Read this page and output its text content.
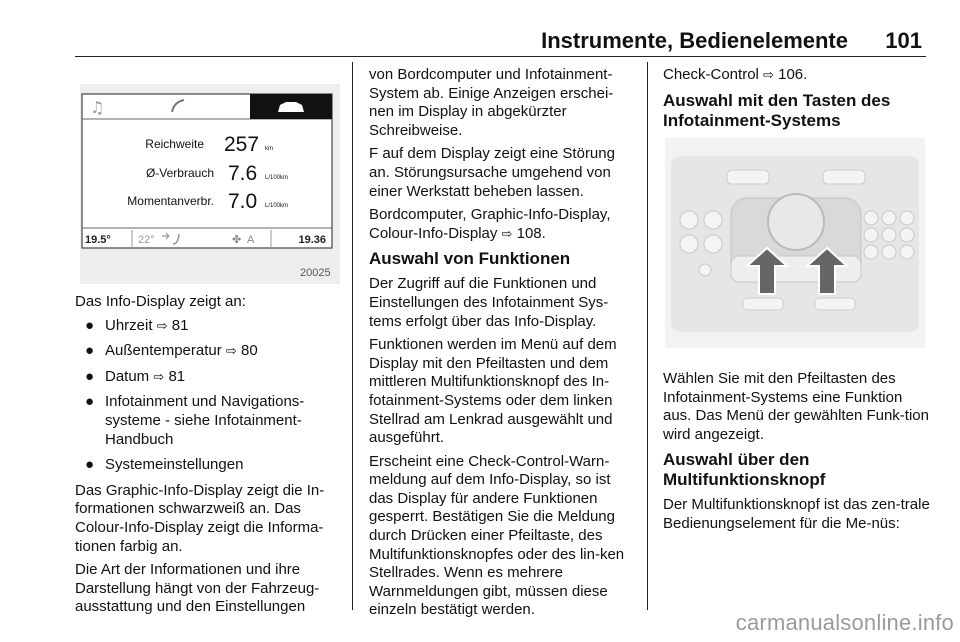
Instrumente, Bedienelemente 101
♫
Reichweite 257 km
Ø-Verbrauch 7.6 L/100km
Momentanverbr. 7.0 L/100km
19.5° 22°	✤ A	19.36
20025

Das Info-Display zeigt an:

● Uhrzeit ⇨ 81
● Außentemperatur ⇨ 80
● Datum ⇨ 81
● Infotainment und Navigations-systeme - siehe Infotainment-Handbuch
● Systemeinstellungen

Das Graphic-Info-Display zeigt die In-formationen schwarzweiß an. Das Colour-Info-Display zeigt die Informa-tionen farbig an.

Die Art der Informationen und ihre Darstellung hängt von der Fahrzeug-ausstattung und den Einstellungen

von Bordcomputer und Infotainment-System ab. Einige Anzeigen erschei-nen im Display in abgekürzter Schreibweise.

F auf dem Display zeigt eine Störung an. Störungsursache umgehend von einer Werkstatt beheben lassen.

Bordcomputer, Graphic-Info-Display, Colour-Info-Display ⇨ 108.

Auswahl von Funktionen

Der Zugriff auf die Funktionen und Einstellungen des Infotainment Sys-tems erfolgt über das Info-Display.

Funktionen werden im Menü auf dem Display mit den Pfeiltasten und dem mittleren Multifunktionsknopf des In-fotainment-Systems oder dem linken Stellrad am Lenkrad ausgewählt und ausgeführt.

Erscheint eine Check-Control-Warn-meldung auf dem Info-Display, so ist das Display für andere Funktionen gesperrt. Bestätigen Sie die Meldung durch Drücken einer Pfeiltaste, des Multifunktionsknopfes oder des lin-ken Stellrades. Wenn es mehrere Warnmeldungen gibt, müssen diese einzeln bestätigt werden.

Check-Control ⇨ 106.

Auswahl mit den Tasten des Infotainment-Systems

Wählen Sie mit den Pfeiltasten des Infotainment-Systems eine Funktion aus. Das Menü der gewählten Funk-tion wird angezeigt.

Auswahl über den Multifunktionsknopf

Der Multifunktionsknopf ist das zen-trale Bedienungselement für die Me-nüs:

carmanualsonline.info
